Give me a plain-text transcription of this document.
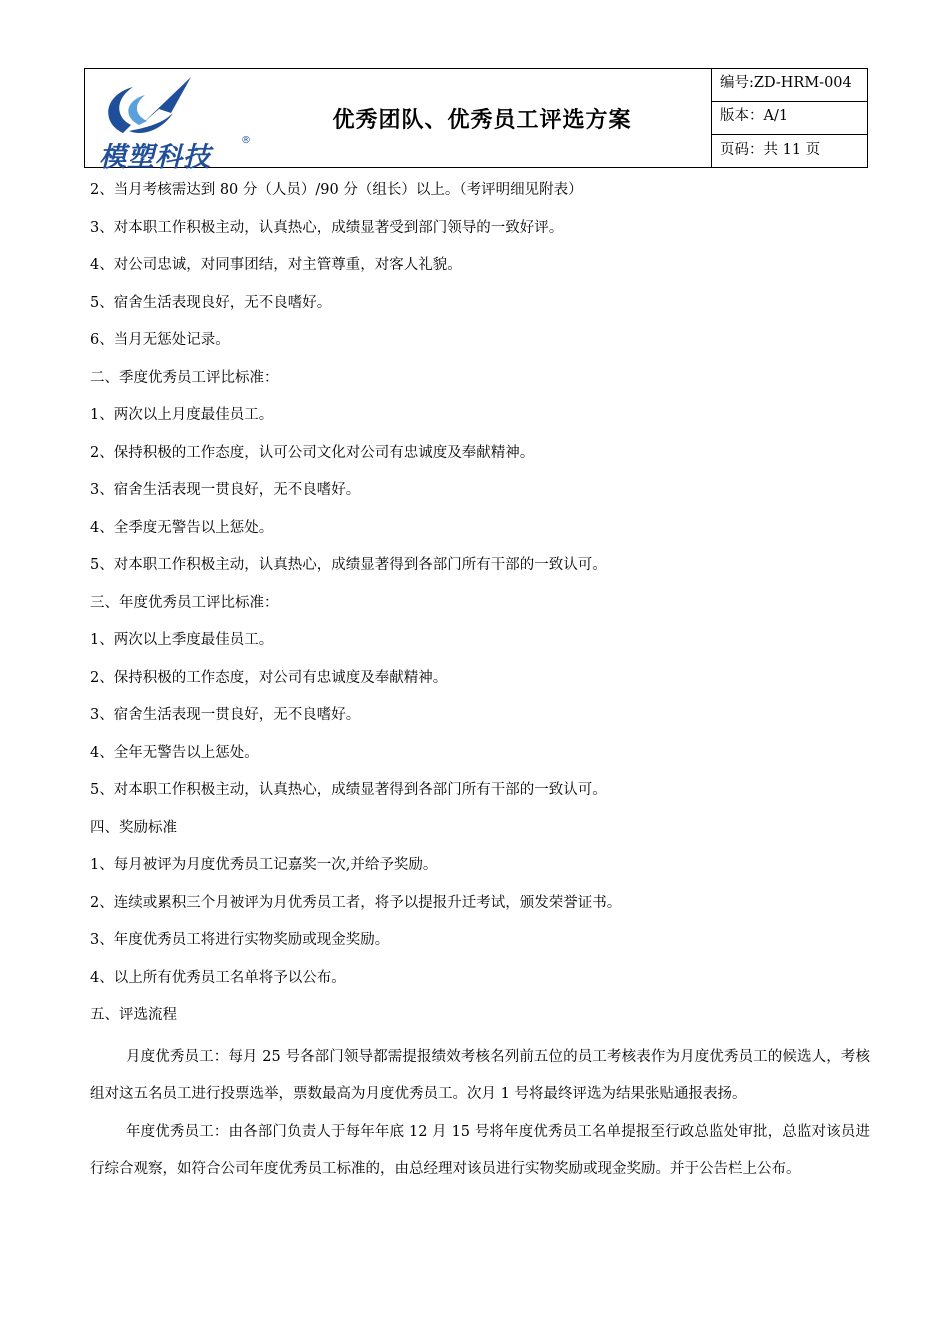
模塑科技
®
优秀团队、优秀员工评选方案
编号:ZD-HRM-004
版本：A/1
页码：共 11 页
2、当月考核需达到 80 分（人员）/90 分（组长）以上。（考评明细见附表）
3、对本职工作积极主动，认真热心，成绩显著受到部门领导的一致好评。
4、对公司忠诚，对同事团结，对主管尊重，对客人礼貌。
5、宿舍生活表现良好，无不良嗜好。
6、当月无惩处记录。
二、季度优秀员工评比标准：
1、两次以上月度最佳员工。
2、保持积极的工作态度，认可公司文化对公司有忠诚度及奉献精神。
3、宿舍生活表现一贯良好，无不良嗜好。
4、全季度无警告以上惩处。
5、对本职工作积极主动，认真热心，成绩显著得到各部门所有干部的一致认可。
三、年度优秀员工评比标准：
1、两次以上季度最佳员工。
2、保持积极的工作态度，对公司有忠诚度及奉献精神。
3、宿舍生活表现一贯良好，无不良嗜好。
4、全年无警告以上惩处。
5、对本职工作积极主动，认真热心，成绩显著得到各部门所有干部的一致认可。
四、奖励标准
1、每月被评为月度优秀员工记嘉奖一次,并给予奖励。
2、连续或累积三个月被评为月优秀员工者，将予以提报升迁考试，颁发荣誉证书。
3、年度优秀员工将进行实物奖励或现金奖励。
4、以上所有优秀员工名单将予以公布。
五、评选流程

月度优秀员工：每月 25 号各部门领导都需提报绩效考核名列前五位的员工考核表作为月度优秀员工的候选人，考核组对这五名员工进行投票选举，票数最高为月度优秀员工。次月 1 号将最终评选为结果张贴通报表扬。

年度优秀员工：由各部门负责人于每年年底 12 月 15 号将年度优秀员工名单提报至行政总监处审批，总监对该员进行综合观察，如符合公司年度优秀员工标准的，由总经理对该员进行实物奖励或现金奖励。并于公告栏上公布。
